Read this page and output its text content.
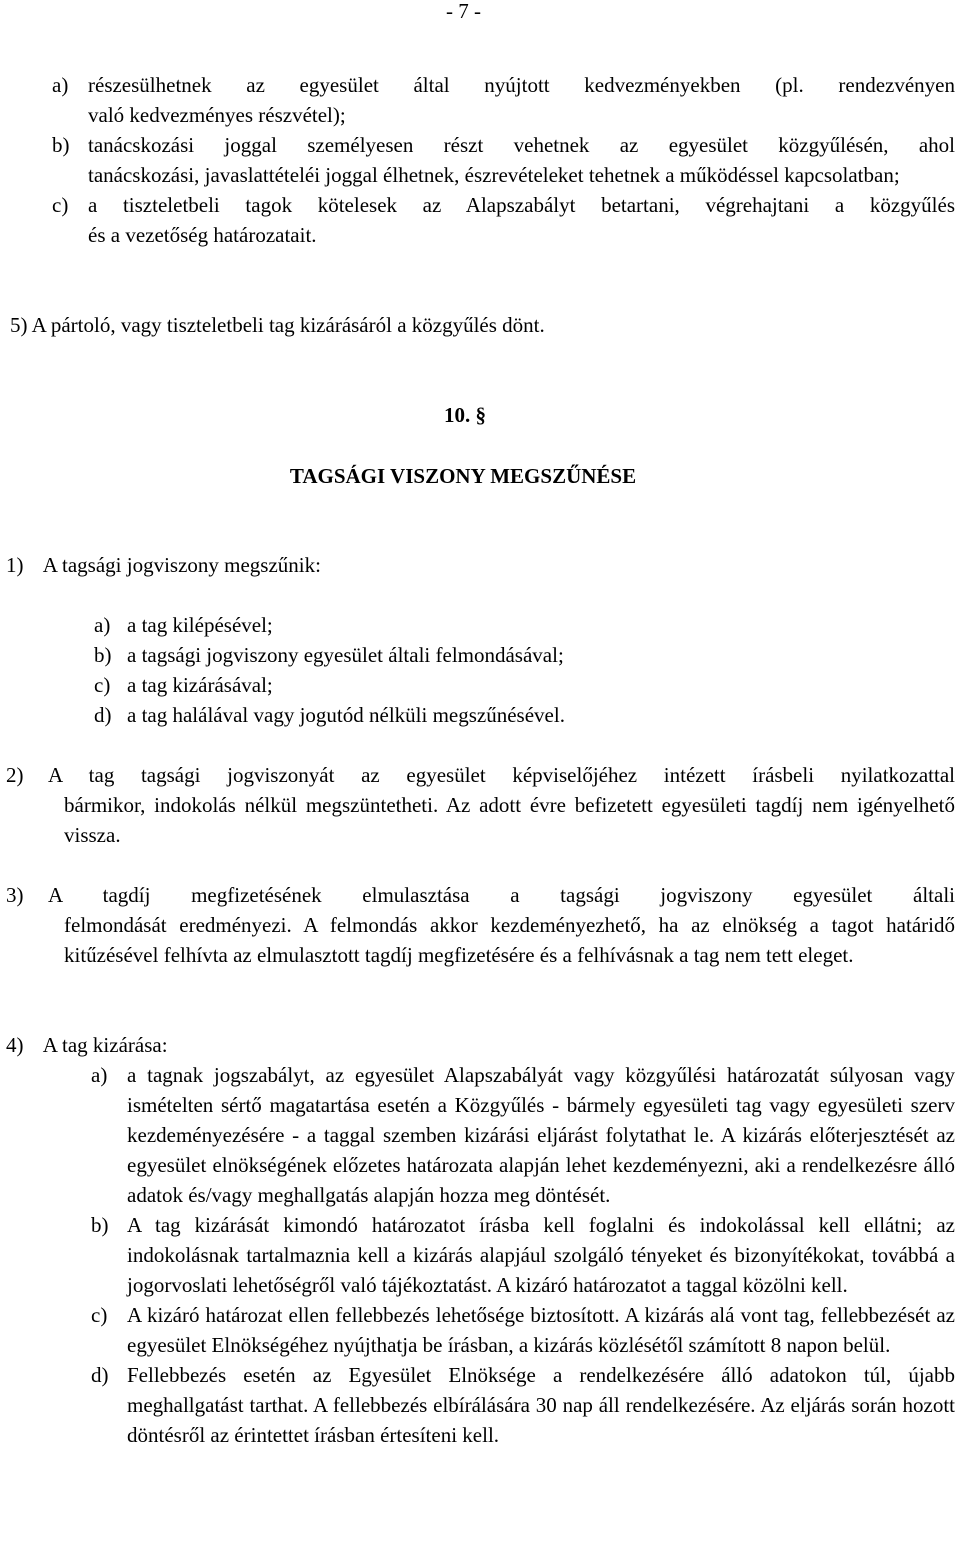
- 7 -
a) részesülhetnek az egyesület által nyújtott kedvezményekben (pl. rendezvényen
való kedvezményes részvétel);
b) tanácskozási joggal személyesen részt vehetnek az egyesület közgyűlésén, ahol
tanácskozási, javaslattételéi joggal élhetnek, észrevételeket tehetnek a működéssel kapcsolatban;
c) a tiszteletbeli tagok kötelesek az Alapszabályt betartani, végrehajtani a közgyűlés
és a vezetőség határozatait.
5) A pártoló, vagy tiszteletbeli tag kizárásáról a közgyűlés dönt.
10. §
TAGSÁGI VISZONY MEGSZŰNÉSE
1) A tagsági jogviszony megszűnik:
a) a tag kilépésével;
b) a tagsági jogviszony egyesület általi felmondásával;
c) a tag kizárásával;
d) a tag halálával vagy jogutód nélküli megszűnésével.
2) A tag tagsági jogviszonyát az egyesület képviselőjéhez intézett írásbeli nyilatkozattal
bármikor, indokolás nélkül megszüntetheti. Az adott évre befizetett egyesületi tagdíj nem igényelhető vissza.
3) A tagdíj megfizetésének elmulasztása a tagsági jogviszony egyesület általi
felmondását eredményezi. A felmondás akkor kezdeményezhető, ha az elnökség a tagot határidő kitűzésével felhívta az elmulasztott tagdíj megfizetésére és a felhívásnak a tag nem tett eleget.
4) A tag kizárása:
a) a tagnak jogszabályt, az egyesület Alapszabályát vagy közgyűlési határozatát súlyosan vagy ismételten sértő magatartása esetén a Közgyűlés - bármely egyesületi tag vagy egyesületi szerv kezdeményezésére - a taggal szemben kizárási eljárást folytathat le. A kizárás előterjesztését az egyesület elnökségének előzetes határozata alapján lehet kezdeményezni, aki a rendelkezésre álló adatok és/vagy meghallgatás alapján hozza meg döntését.
b) A tag kizárását kimondó határozatot írásba kell foglalni és indokolással kell ellátni; az indokolásnak tartalmaznia kell a kizárás alapjául szolgáló tényeket és bizonyítékokat, továbbá a jogorvoslati lehetőségről való tájékoztatást. A kizáró határozatot a taggal közölni kell.
c) A kizáró határozat ellen fellebbezés lehetősége biztosított. A kizárás alá vont tag, fellebbezését az egyesület Elnökségéhez nyújthatja be írásban, a kizárás közlésétől számított 8 napon belül.
d) Fellebbezés esetén az Egyesület Elnöksége a rendelkezésére álló adatokon túl, újabb meghallgatást tarthat. A fellebbezés elbírálására 30 nap áll rendelkezésére. Az eljárás során hozott döntésről az érintettet írásban értesíteni kell.
